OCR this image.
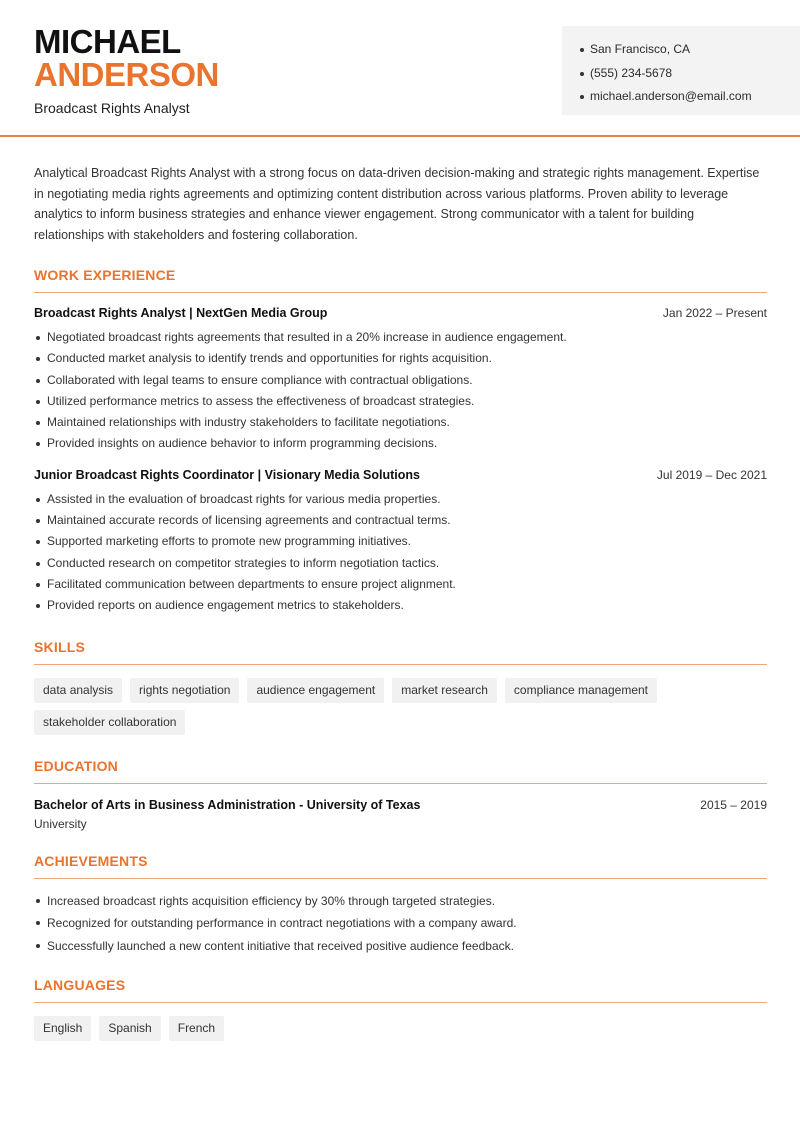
MICHAEL
ANDERSON
Broadcast Rights Analyst
San Francisco, CA
(555) 234-5678
michael.anderson@email.com

Analytical Broadcast Rights Analyst with a strong focus on data-driven decision-making and strategic rights management. Expertise in negotiating media rights agreements and optimizing content distribution across various platforms. Proven ability to leverage analytics to inform business strategies and enhance viewer engagement. Strong communicator with a talent for building relationships with stakeholders and fostering collaboration.

WORK EXPERIENCE
Broadcast Rights Analyst | NextGen Media Group	Jan 2022 – Present
Negotiated broadcast rights agreements that resulted in a 20% increase in audience engagement.
Conducted market analysis to identify trends and opportunities for rights acquisition.
Collaborated with legal teams to ensure compliance with contractual obligations.
Utilized performance metrics to assess the effectiveness of broadcast strategies.
Maintained relationships with industry stakeholders to facilitate negotiations.
Provided insights on audience behavior to inform programming decisions.
Junior Broadcast Rights Coordinator | Visionary Media Solutions	Jul 2019 – Dec 2021
Assisted in the evaluation of broadcast rights for various media properties.
Maintained accurate records of licensing agreements and contractual terms.
Supported marketing efforts to promote new programming initiatives.
Conducted research on competitor strategies to inform negotiation tactics.
Facilitated communication between departments to ensure project alignment.
Provided reports on audience engagement metrics to stakeholders.
SKILLS
data analysis	rights negotiation	audience engagement	market research	compliance management
stakeholder collaboration
EDUCATION
Bachelor of Arts in Business Administration - University of Texas	2015 – 2019
University
ACHIEVEMENTS
Increased broadcast rights acquisition efficiency by 30% through targeted strategies.
Recognized for outstanding performance in contract negotiations with a company award.
Successfully launched a new content initiative that received positive audience feedback.
LANGUAGES
English	Spanish	French
